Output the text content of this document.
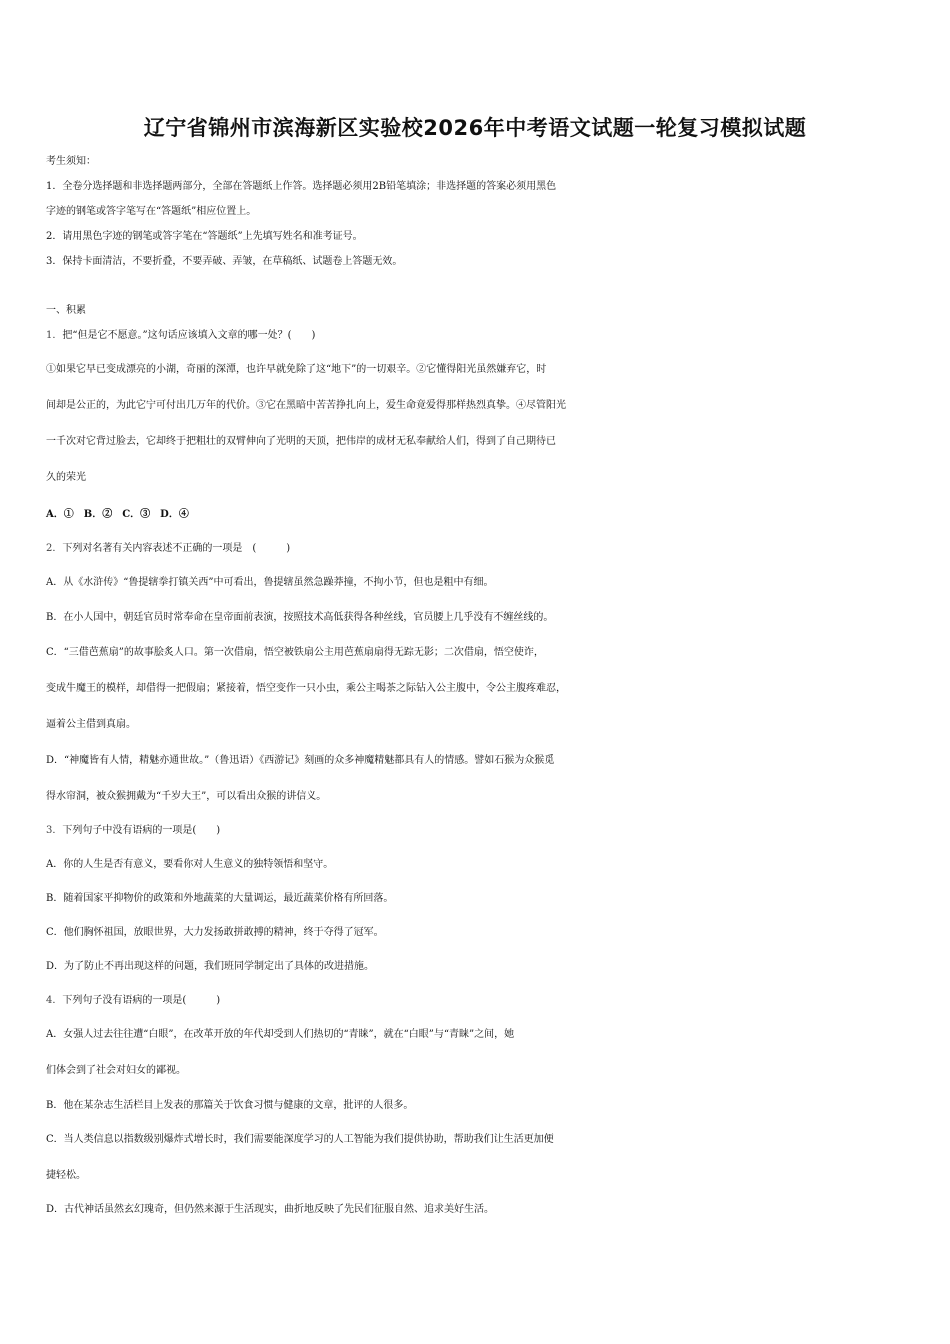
辽宁省锦州市滨海新区实验校2026年中考语文试题一轮复习模拟试题
考生须知：
1．全卷分选择题和非选择题两部分，全部在答题纸上作答。选择题必须用2B铅笔填涂；非选择题的答案必须用黑色
字迹的钢笔或答字笔写在“答题纸”相应位置上。
2．请用黑色字迹的钢笔或答字笔在“答题纸”上先填写姓名和准考证号。
3．保持卡面清洁，不要折叠，不要弄破、弄皱，在草稿纸、试题卷上答题无效。
一、积累
1．把“但是它不愿意。”这句话应该填入文章的哪一处？(　　)
①如果它早已变成漂亮的小湖，奇丽的深潭，也许早就免除了这“地下”的一切艰辛。②它懂得阳光虽然嫌弃它，时
间却是公正的，为此它宁可付出几万年的代价。③它在黑暗中苦苦挣扎向上，爱生命竟爱得那样热烈真挚。④尽管阳光
一千次对它背过脸去，它却终于把粗壮的双臂伸向了光明的天顶，把伟岸的成材无私奉献给人们，得到了自己期待已
久的荣光
A．①　B．②　C．③　D．④
2．下列对名著有关内容表述不正确的一项是　(　　　)
A．从《水浒传》“鲁提辖拳打镇关西”中可看出，鲁提辖虽然急躁莽撞，不拘小节，但也是粗中有细。
B．在小人国中，朝廷官员时常奉命在皇帝面前表演，按照技术高低获得各种丝线，官员腰上几乎没有不缠丝线的。
C．“三借芭蕉扇”的故事脍炙人口。第一次借扇，悟空被铁扇公主用芭蕉扇扇得无踪无影；二次借扇，悟空使诈，
变成牛魔王的模样，却借得一把假扇；紧接着，悟空变作一只小虫，乘公主喝茶之际钻入公主腹中，令公主腹疼难忍，
逼着公主借到真扇。
D．“神魔皆有人情，精魅亦通世故。”（鲁迅语）《西游记》刻画的众多神魔精魅都具有人的情感。譬如石猴为众猴觅
得水帘洞，被众猴拥戴为“千岁大王”，可以看出众猴的讲信义。
3．下列句子中没有语病的一项是(　　)
A．你的人生是否有意义，要看你对人生意义的独特领悟和坚守。
B．随着国家平抑物价的政策和外地蔬菜的大量调运，最近蔬菜价格有所回落。
C．他们胸怀祖国，放眼世界，大力发扬敢拼敢搏的精神，终于夺得了冠军。
D．为了防止不再出现这样的问题，我们班同学制定出了具体的改进措施。
4．下列句子没有语病的一项是(　　　)
A．女强人过去往往遭“白眼”，在改革开放的年代却受到人们热切的“青睐”，就在“白眼”与“青睐”之间，她
们体会到了社会对妇女的鄙视。
B．他在某杂志生活栏目上发表的那篇关于饮食习惯与健康的文章，批评的人很多。
C．当人类信息以指数级别爆炸式增长时，我们需要能深度学习的人工智能为我们提供协助，帮助我们让生活更加便
捷轻松。
D．古代神话虽然玄幻瑰奇，但仍然来源于生活现实，曲折地反映了先民们征服自然、追求美好生活。
